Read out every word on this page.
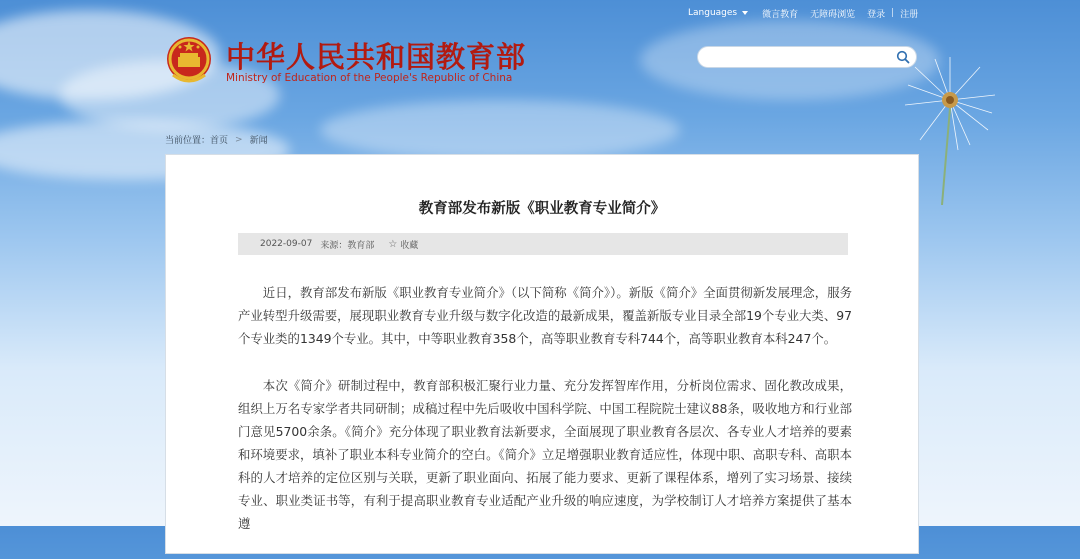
Languages	微言教育 无障碍浏览 登录 | 注册
中华人民共和国教育部
Ministry of Education of the People's Republic of China
当前位置： 首页 > 新闻
教育部发布新版《职业教育专业简介》
2022-09-07 来源：教育部 ☆ 收藏

近日，教育部发布新版《职业教育专业简介》（以下简称《简介》）。新版《简介》全面贯彻新发展理念，服务产业转型升级需要，展现职业教育专业升级与数字化改造的最新成果，覆盖新版专业目录全部19个专业大类、97个专业类的1349个专业。其中，中等职业教育358个，高等职业教育专科744个，高等职业教育本科247个。

本次《简介》研制过程中，教育部积极汇聚行业力量、充分发挥智库作用，分析岗位需求、固化教改成果，组织上万名专家学者共同研制；成稿过程中先后吸收中国科学院、中国工程院院士建议88条，吸收地方和行业部门意见5700余条。《简介》充分体现了职业教育法新要求，全面展现了职业教育各层次、各专业人才培养的要素和环境要求，填补了职业本科专业简介的空白。《简介》立足增强职业教育适应性，体现中职、高职专科、高职本科的人才培养的定位区别与关联，更新了职业面向、拓展了能力要求、更新了课程体系，增列了实习场景、接续专业、职业类证书等，有利于提高职业教育专业适配产业升级的响应速度，为学校制订人才培养方案提供了基本遵
